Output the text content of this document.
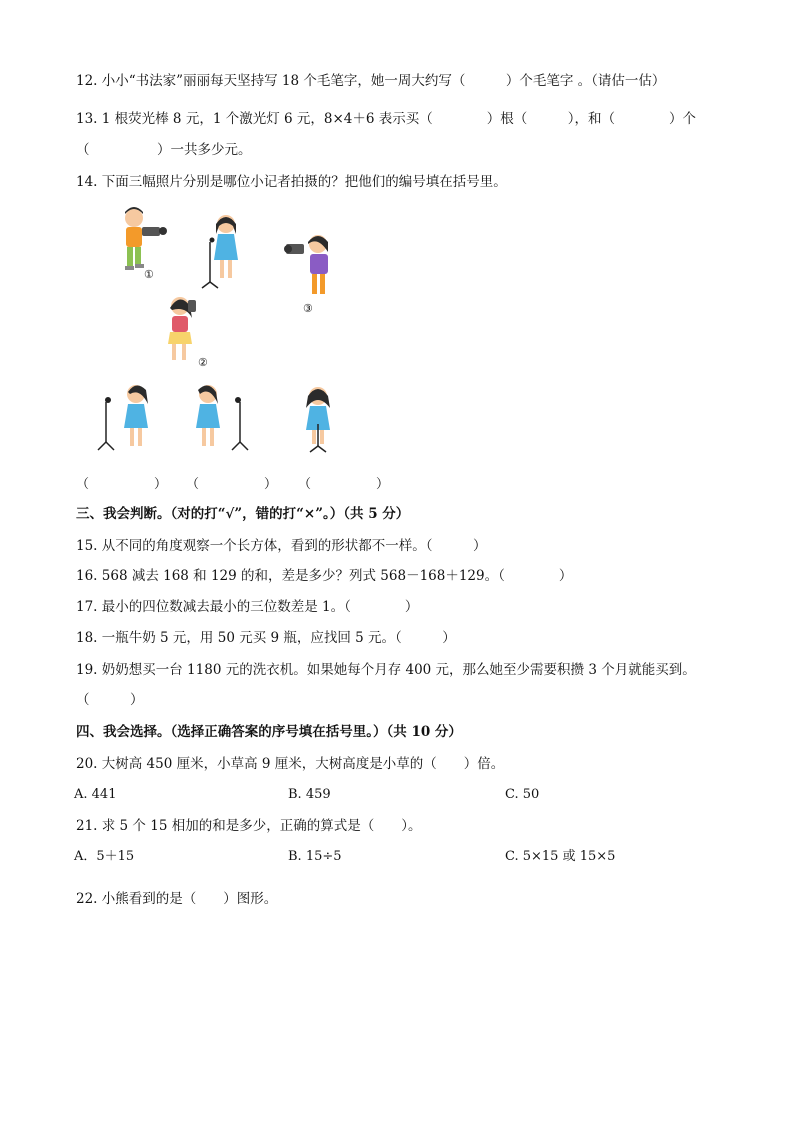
12. 小小“书法家”丽丽每天坚持写 18 个毛笔字，她一周大约写（　　　）个毛笔字 。（请估一估）
13. 1 根荧光棒 8 元，1 个激光灯 6 元，8×4＋6 表示买（　　　　）根（　　　），和（　　　　）个
（　　　　　）一共多少元。
14. 下面三幅照片分别是哪位小记者拍摄的？把他们的编号填在括号里。
①
③
②
（　　　　　） （　　　　　） （　　　　　）
三、我会判断。（对的打“√”，错的打“×”。）（共 5 分）
15. 从不同的角度观察一个长方体，看到的形状都不一样。（　　　）
16. 568 减去 168 和 129 的和，差是多少？列式 568－168＋129。（　　　　）
17. 最小的四位数减去最小的三位数差是 1。（　　　　）
18. 一瓶牛奶 5 元，用 50 元买 9 瓶，应找回 5 元。（　　　）
19. 奶奶想买一台 1180 元的洗衣机。如果她每个月存 400 元，那么她至少需要积攒 3 个月就能买到。
（　　　）
四、我会选择。（选择正确答案的序号填在括号里。）（共 10 分）
20. 大树高 450 厘米，小草高 9 厘米，大树高度是小草的（　　）倍。
A. 441	B. 459	C. 50
21. 求 5 个 15 相加的和是多少，正确的算式是（　　）。
A．5＋15	B. 15÷5	C. 5×15 或 15×5
22. 小熊看到的是（　　）图形。
